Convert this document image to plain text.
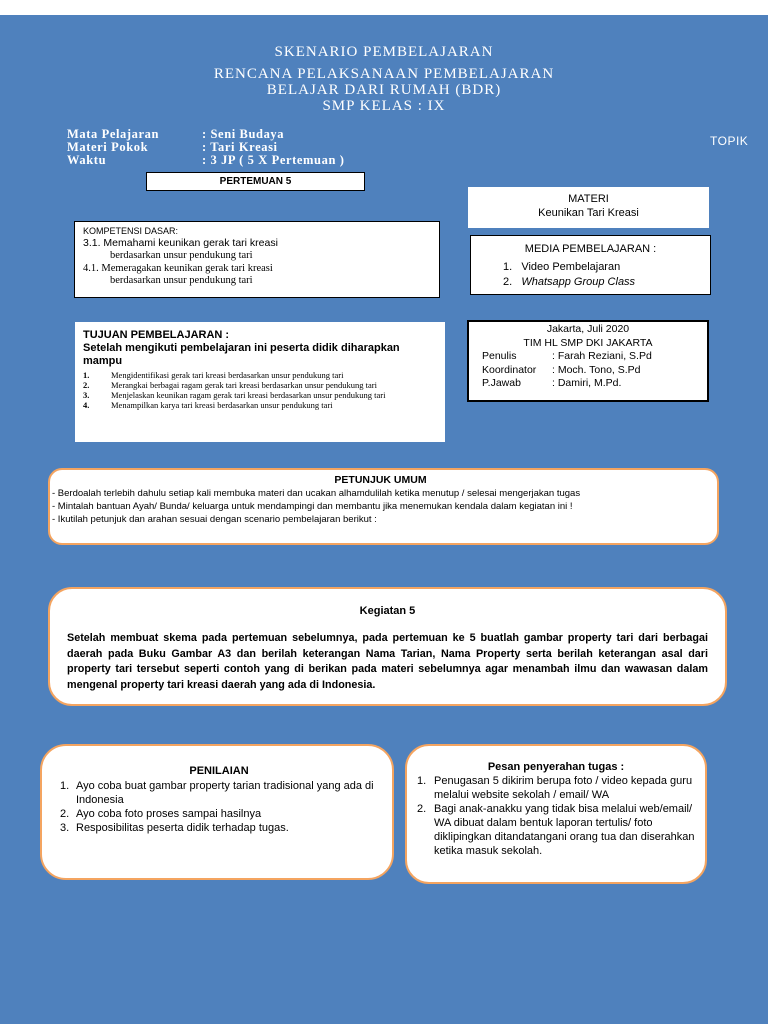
SKENARIO PEMBELAJARAN
RENCANA PELAKSANAAN PEMBELAJARAN
BELAJAR DARI RUMAH (BDR)
SMP KELAS : IX
Mata Pelajaran	: Seni Budaya
Materi Pokok	: Tari Kreasi
Waktu	: 3 JP ( 5 X Pertemuan )
TOPIK
PERTEMUAN 5
MATERI
Keunikan Tari Kreasi
KOMPETENSI DASAR:
3.1. Memahami keunikan gerak tari kreasi
berdasarkan unsur pendukung tari
4.1. Memeragakan keunikan gerak tari kreasi
berdasarkan unsur pendukung tari
MEDIA PEMBELAJARAN :
1.   Video Pembelajaran
2.   Whatsapp Group Class
TUJUAN PEMBELAJARAN :
Setelah mengikuti pembelajaran ini peserta didik diharapkan mampu
1.	Mengidentifikasi gerak tari kreasi berdasarkan unsur pendukung tari
2.	Merangkai berbagai ragam gerak tari kreasi berdasarkan unsur pendukung tari
3.	Menjelaskan keunikan ragam gerak tari kreasi berdasarkan unsur pendukung tari
4.	Menampilkan karya tari kreasi berdasarkan unsur pendukung tari
Jakarta, Juli 2020
TIM HL SMP DKI JAKARTA
Penulis	: Farah Reziani, S.Pd
Koordinator : Moch. Tono, S.Pd
P.Jawab	: Damiri, M.Pd.
PETUNJUK UMUM
- Berdoalah terlebih dahulu setiap kali membuka materi dan ucakan alhamdulilah ketika menutup / selesai mengerjakan tugas
- Mintalah bantuan Ayah/ Bunda/ keluarga untuk mendampingi dan membantu jika menemukan kendala dalam kegiatan ini !
- Ikutilah petunjuk dan arahan sesuai dengan scenario pembelajaran berikut :
Kegiatan 5
Setelah membuat skema pada pertemuan sebelumnya, pada pertemuan ke 5 buatlah gambar property tari dari berbagai daerah pada Buku Gambar A3 dan berilah keterangan Nama Tarian, Nama Property serta berilah keterangan asal dari property tari tersebut seperti contoh yang di berikan pada materi sebelumnya agar menambah ilmu dan wawasan dalam mengenal property tari kreasi daerah yang ada di Indonesia.
PENILAIAN
1. Ayo coba buat gambar property tarian tradisional yang ada di Indonesia
2. Ayo coba foto proses sampai hasilnya
3. Resposibilitas peserta didik terhadap tugas.
Pesan penyerahan tugas :
1. Penugasan 5 dikirim berupa foto / video kepada guru melalui website sekolah / email/ WA
2. Bagi anak-anakku yang tidak bisa melalui web/email/ WA dibuat dalam bentuk laporan tertulis/ foto diklipingkan ditandatangani orang tua dan diserahkan ketika masuk sekolah.
